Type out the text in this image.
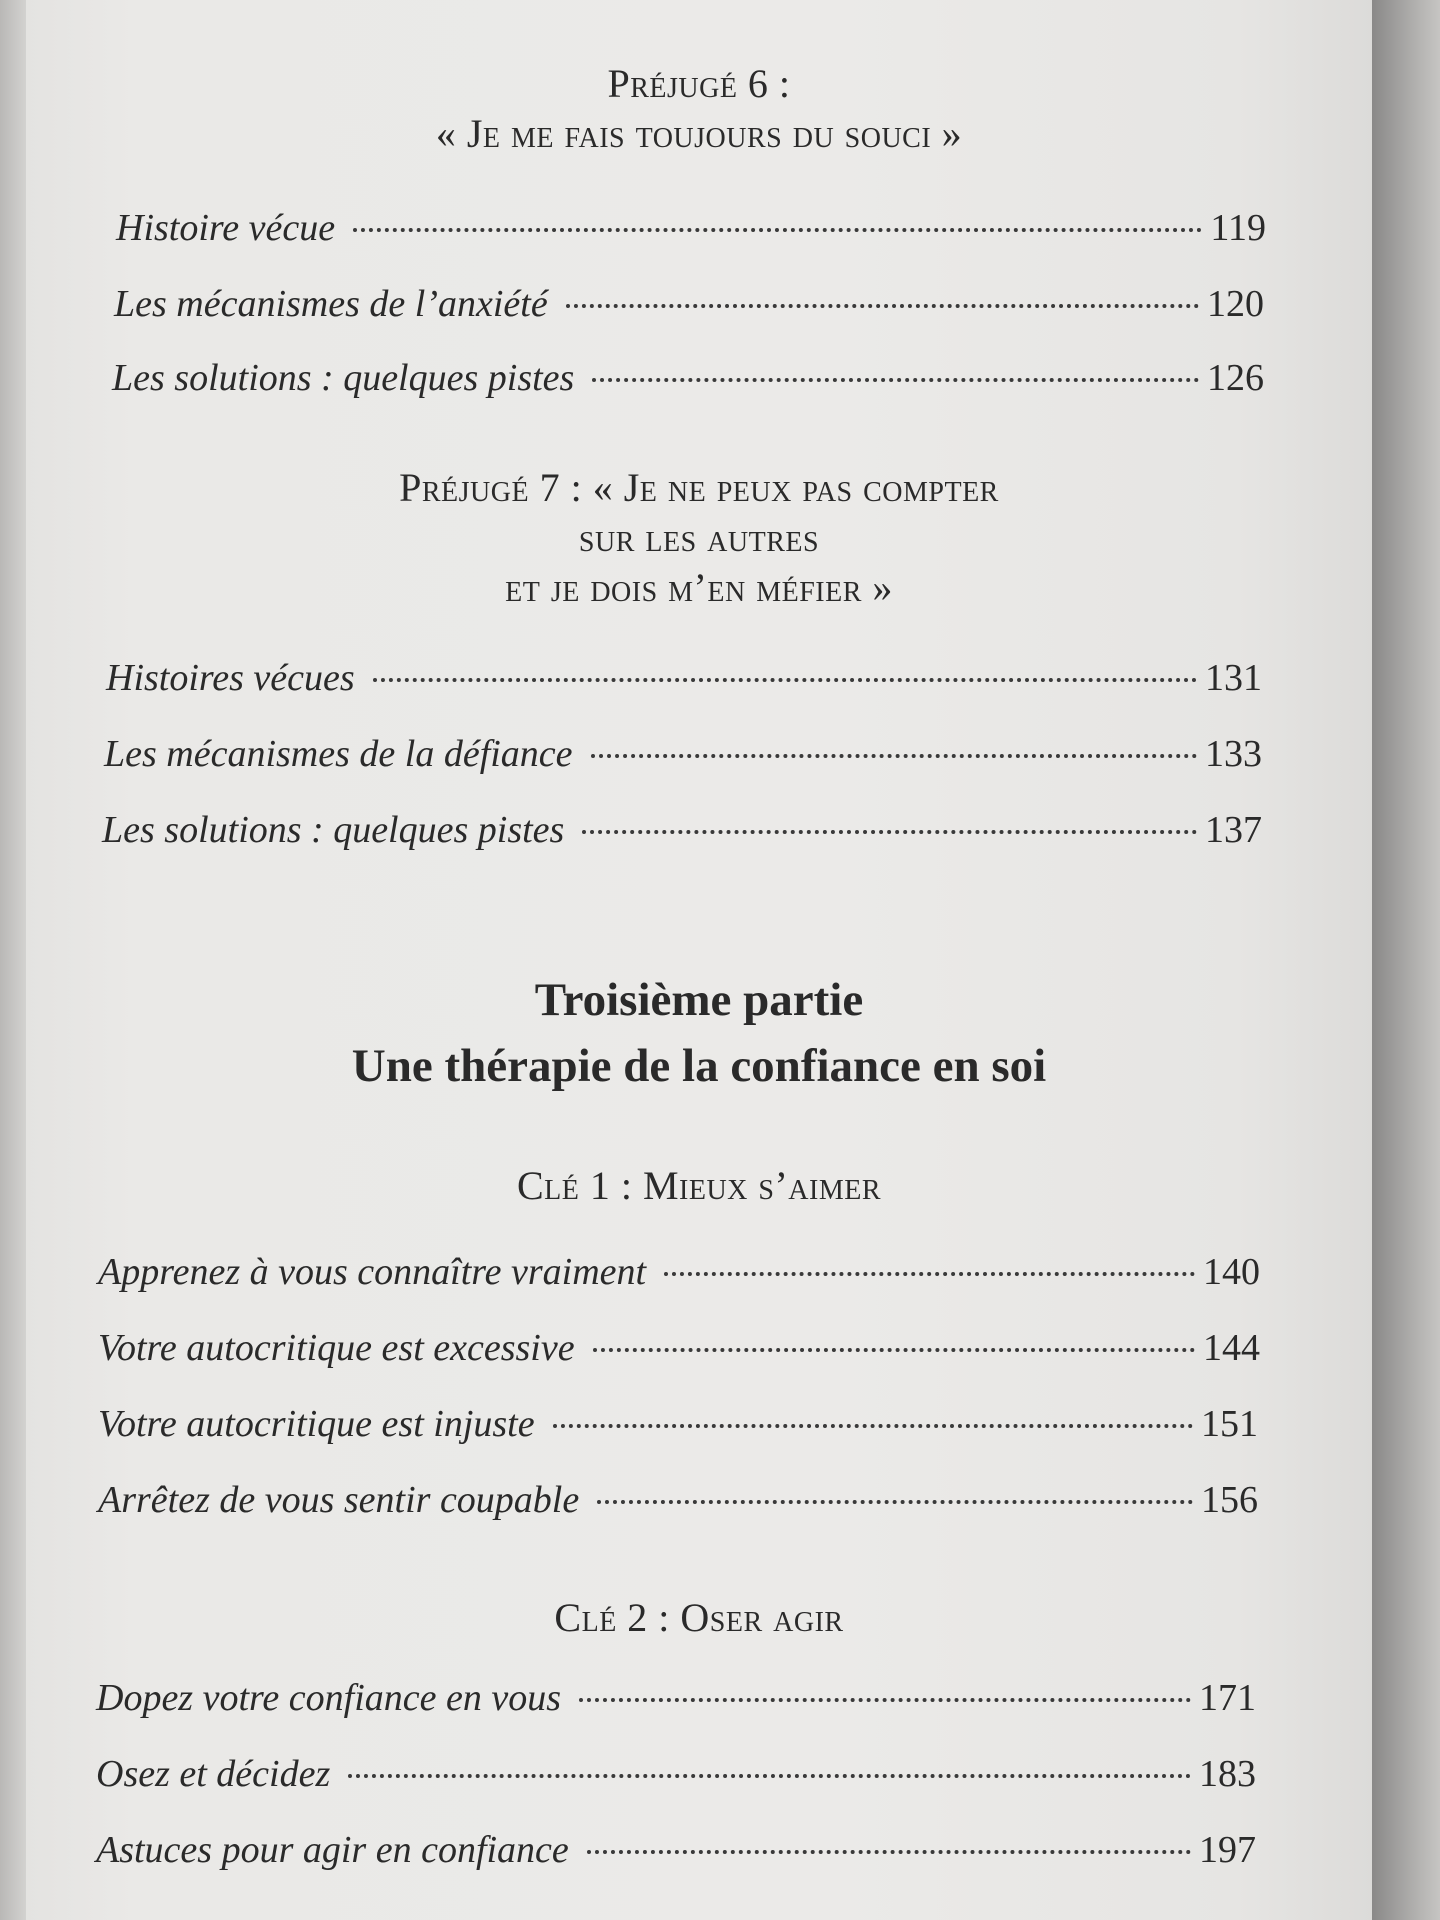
Préjugé 6 :
« Je me fais toujours du souci »
Histoire vécue	119
Les mécanismes de l’anxiété	120
Les solutions : quelques pistes	126
Préjugé 7 : « Je ne peux pas compter
sur les autres
et je dois m’en méfier »
Histoires vécues	131
Les mécanismes de la défiance	133
Les solutions : quelques pistes	137
Troisième partie
Une thérapie de la confiance en soi
Clé 1 : Mieux s’aimer
Apprenez à vous connaître vraiment	140
Votre autocritique est excessive	144
Votre autocritique est injuste	151
Arrêtez de vous sentir coupable	156
Clé 2 : Oser agir
Dopez votre confiance en vous	171
Osez et décidez	183
Astuces pour agir en confiance	197
